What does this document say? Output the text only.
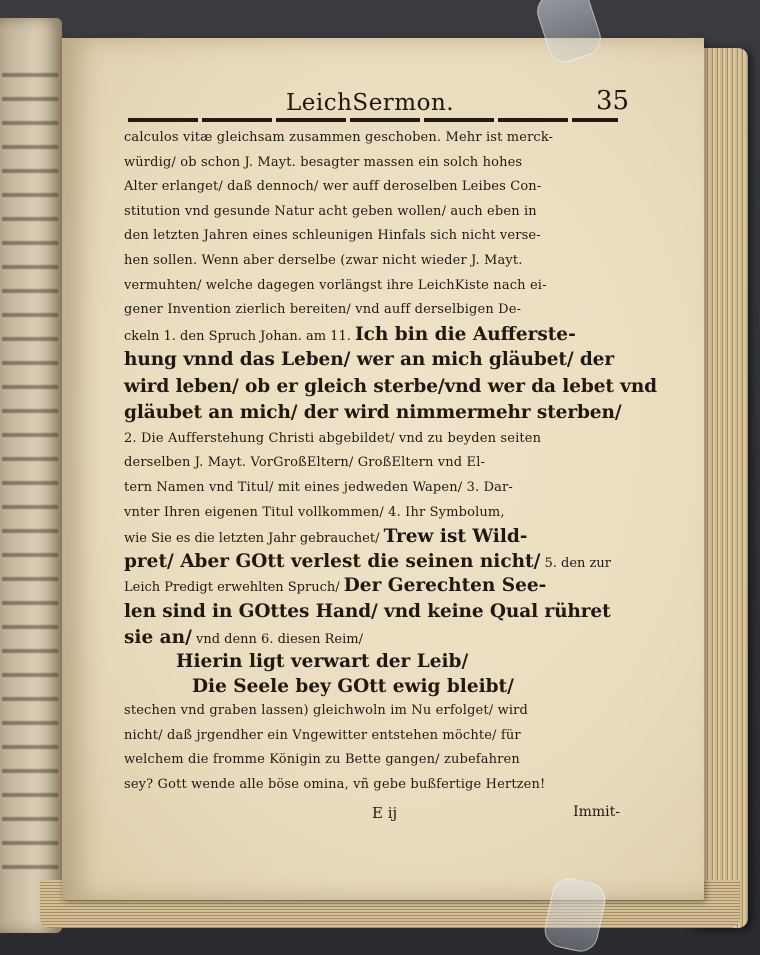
LeichSermon.	35
calculos vitæ gleichsam zusammen geschoben. Mehr ist merck-
würdig/ ob schon J. Mayt. besagter massen ein solch hohes
Alter erlanget/ daß dennoch/ wer auff deroselben Leibes Con-
stitution vnd gesunde Natur acht geben wollen/ auch eben in
den letzten Jahren eines schleunigen Hinfals sich nicht verse-
hen sollen. Wenn aber derselbe (zwar nicht wieder J. Mayt.
vermuhten/ welche dagegen vorlängst ihre LeichKiste nach ei-
gener Invention zierlich bereiten/ vnd auff derselbigen De-
ckeln 1. den Spruch Johan. am 11. Ich bin die Aufferste-
hung vnnd das Leben/ wer an mich gläubet/ der
wird leben/ ob er gleich sterbe/vnd wer da lebet vnd
gläubet an mich/ der wird nimmermehr sterben/
2. Die Aufferstehung Christi abgebildet/ vnd zu beyden seiten
derselben J. Mayt. VorGroßEltern/ GroßEltern vnd El-
tern Namen vnd Titul/ mit eines jedweden Wapen/ 3. Dar-
vnter Ihren eigenen Titul vollkommen/ 4. Ihr Symbolum,
wie Sie es die letzten Jahr gebrauchet/ Trew ist Wild-
pret/ Aber GOtt verlest die seinen nicht/ 5. den zur
Leich Predigt erwehlten Spruch/ Der Gerechten See-
len sind in GOttes Hand/ vnd keine Qual rühret
sie an/ vnd denn 6. diesen Reim/
Hierin ligt verwart der Leib/
Die Seele bey GOtt ewig bleibt/
stechen vnd graben lassen) gleichwoln im Nu erfolget/ wird
nicht/ daß jrgendher ein Vngewitter entstehen möchte/ für
welchem die fromme Königin zu Bette gangen/ zubefahren
sey? Gott wende alle böse omina, vñ gebe bußfertige Hertzen!
E ij	Immit-
